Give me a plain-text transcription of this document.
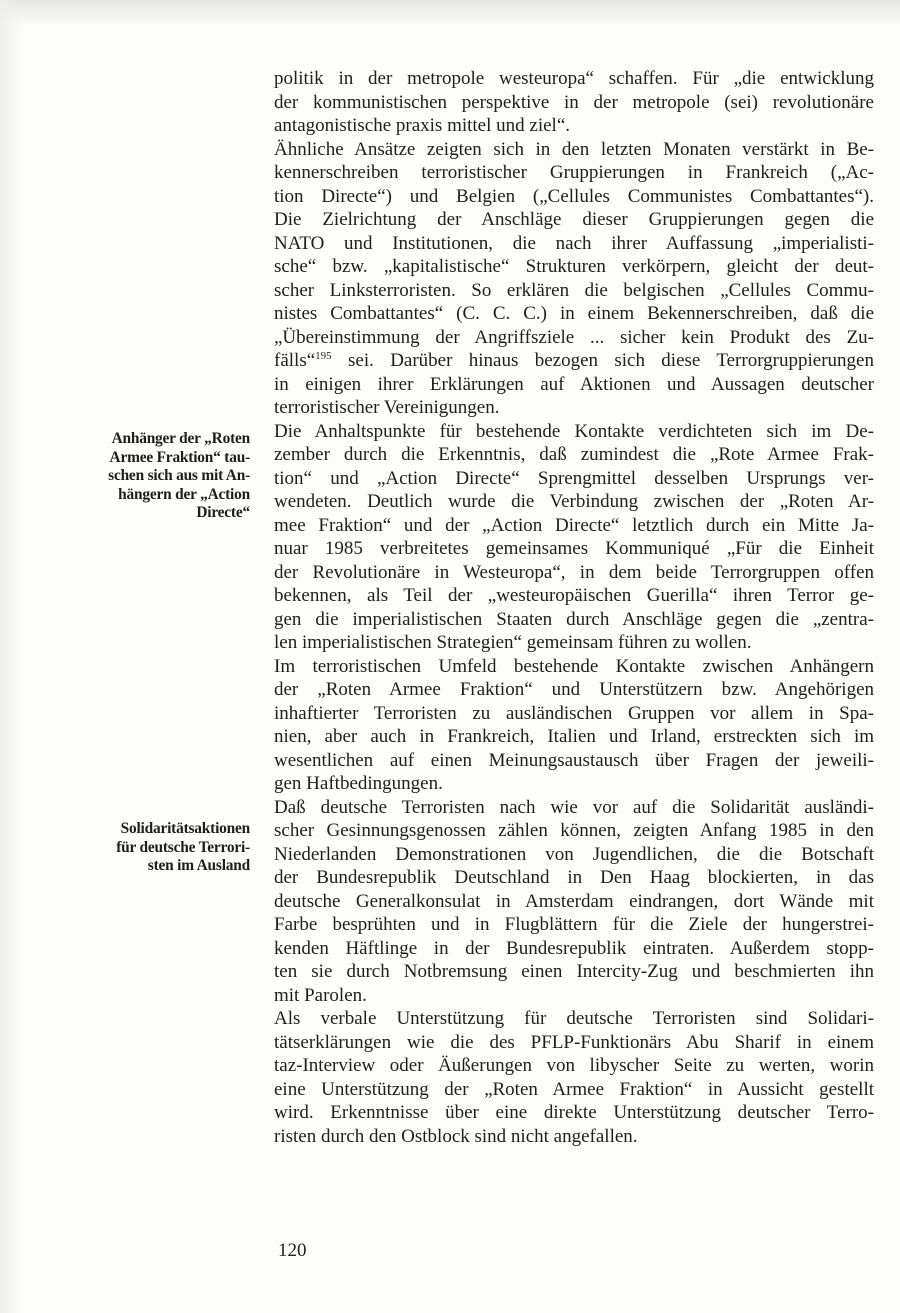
Anhänger der „Roten
Armee Fraktion“ tau-
schen sich aus mit An-
hängern der „Action
Directe“
Solidaritätsaktionen
für deutsche Terrori-
sten im Ausland
politik in der metropole westeuropa“ schaffen. Für „die entwicklung
der kommunistischen perspektive in der metropole (sei) revolutionäre
antagonistische praxis mittel und ziel“.
Ähnliche Ansätze zeigten sich in den letzten Monaten verstärkt in Be-
kennerschreiben terroristischer Gruppierungen in Frankreich („Ac-
tion Directe“) und Belgien („Cellules Communistes Combattantes“).
Die Zielrichtung der Anschläge dieser Gruppierungen gegen die
NATO und Institutionen, die nach ihrer Auffassung „imperialisti-
sche“ bzw. „kapitalistische“ Strukturen verkörpern, gleicht der deut-
scher Linksterroristen. So erklären die belgischen „Cellules Commu-
nistes Combattantes“ (C. C. C.) in einem Bekennerschreiben, daß die
„Übereinstimmung der Angriffsziele ... sicher kein Produkt des Zu-
fälls“$^{195}$ sei. Darüber hinaus bezogen sich diese Terrorgruppierungen
in einigen ihrer Erklärungen auf Aktionen und Aussagen deutscher
terroristischer Vereinigungen.
Die Anhaltspunkte für bestehende Kontakte verdichteten sich im De-
zember durch die Erkenntnis, daß zumindest die „Rote Armee Frak-
tion“ und „Action Directe“ Sprengmittel desselben Ursprungs ver-
wendeten. Deutlich wurde die Verbindung zwischen der „Roten Ar-
mee Fraktion“ und der „Action Directe“ letztlich durch ein Mitte Ja-
nuar 1985 verbreitetes gemeinsames Kommuniqué „Für die Einheit
der Revolutionäre in Westeuropa“, in dem beide Terrorgruppen offen
bekennen, als Teil der „westeuropäischen Guerilla“ ihren Terror ge-
gen die imperialistischen Staaten durch Anschläge gegen die „zentra-
len imperialistischen Strategien“ gemeinsam führen zu wollen.
Im terroristischen Umfeld bestehende Kontakte zwischen Anhängern
der „Roten Armee Fraktion“ und Unterstützern bzw. Angehörigen
inhaftierter Terroristen zu ausländischen Gruppen vor allem in Spa-
nien, aber auch in Frankreich, Italien und Irland, erstreckten sich im
wesentlichen auf einen Meinungsaustausch über Fragen der jeweili-
gen Haftbedingungen.
Daß deutsche Terroristen nach wie vor auf die Solidarität ausländi-
scher Gesinnungsgenossen zählen können, zeigten Anfang 1985 in den
Niederlanden Demonstrationen von Jugendlichen, die die Botschaft
der Bundesrepublik Deutschland in Den Haag blockierten, in das
deutsche Generalkonsulat in Amsterdam eindrangen, dort Wände mit
Farbe besprühten und in Flugblättern für die Ziele der hungerstrei-
kenden Häftlinge in der Bundesrepublik eintraten. Außerdem stopp-
ten sie durch Notbremsung einen Intercity-Zug und beschmierten ihn
mit Parolen.
Als verbale Unterstützung für deutsche Terroristen sind Solidari-
tätserklärungen wie die des PFLP-Funktionärs Abu Sharif in einem
taz-Interview oder Äußerungen von libyscher Seite zu werten, worin
eine Unterstützung der „Roten Armee Fraktion“ in Aussicht gestellt
wird. Erkenntnisse über eine direkte Unterstützung deutscher Terro-
risten durch den Ostblock sind nicht angefallen.
120
